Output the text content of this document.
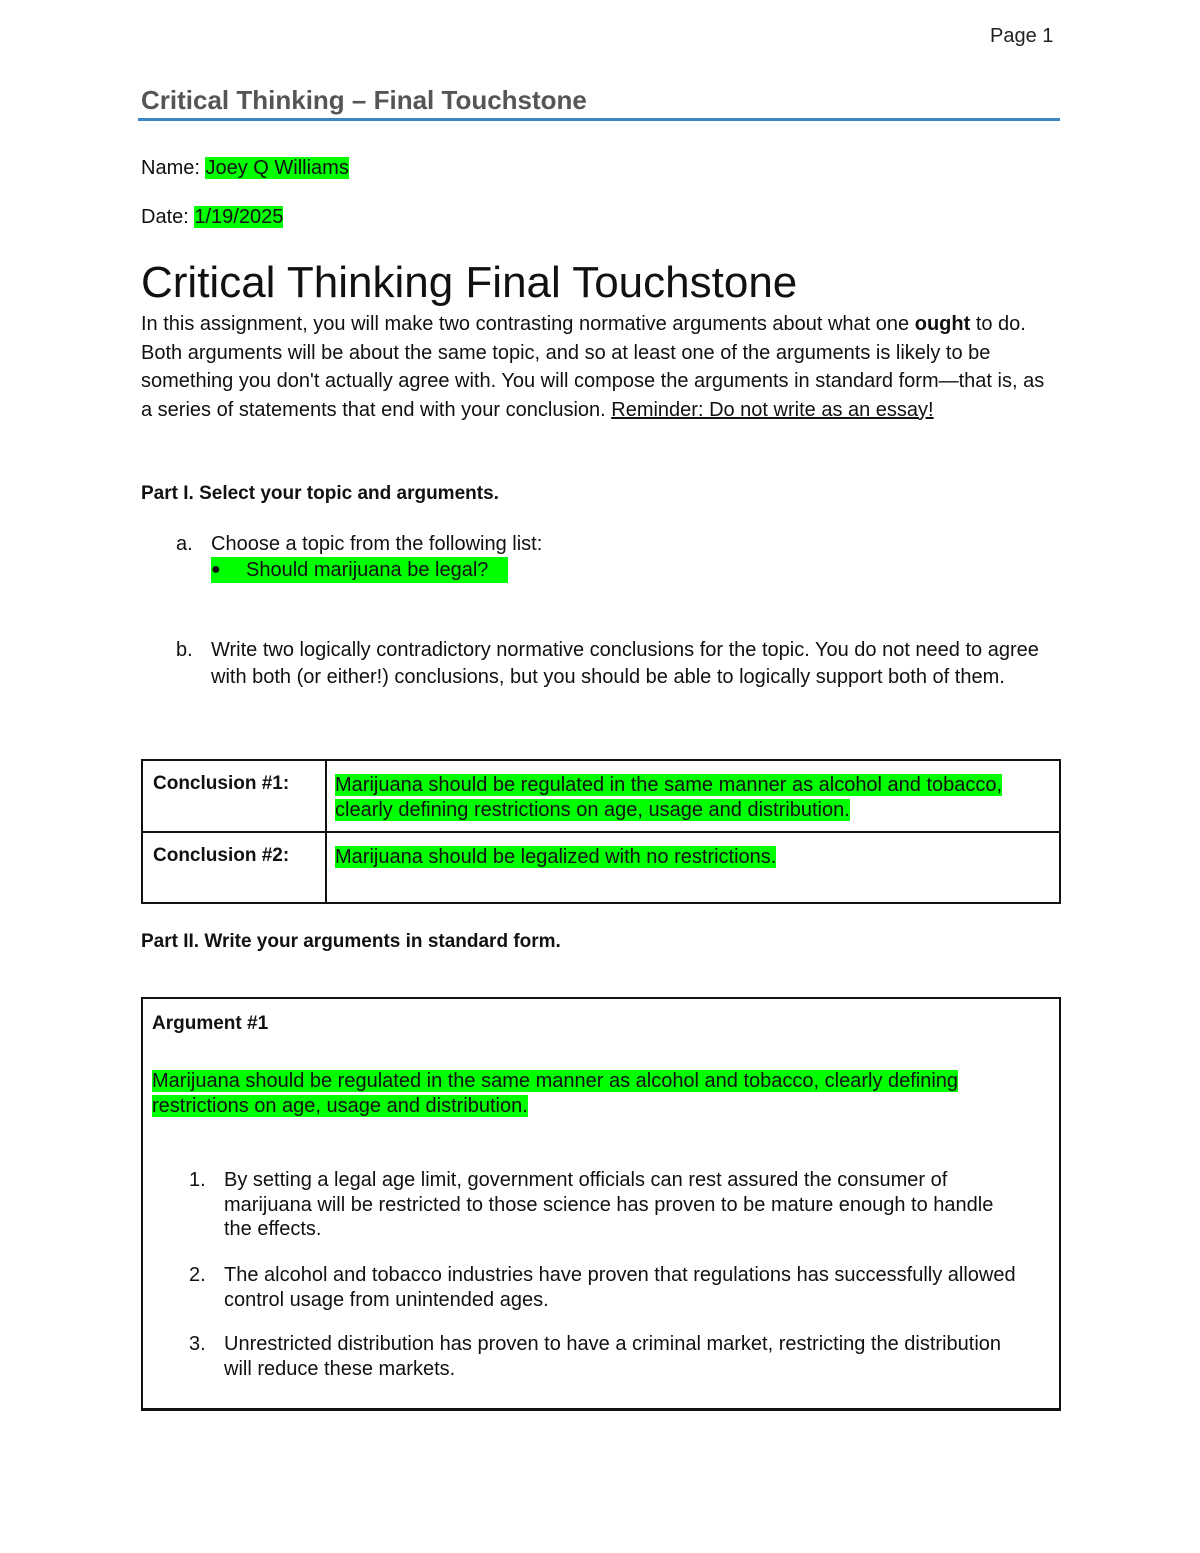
Page 1
Critical Thinking – Final Touchstone
Name: Joey Q Williams
Date: 1/19/2025
Critical Thinking Final Touchstone
In this assignment, you will make two contrasting normative arguments about what one ought to do. Both arguments will be about the same topic, and so at least one of the arguments is likely to be something you don't actually agree with. You will compose the arguments in standard form—that is, as a series of statements that end with your conclusion. Reminder: Do not write as an essay!
Part I. Select your topic and arguments.
a. Choose a topic from the following list:
● Should marijuana be legal?
b. Write two logically contradictory normative conclusions for the topic. You do not need to agree with both (or either!) conclusions, but you should be able to logically support both of them.
Conclusion #1: Marijuana should be regulated in the same manner as alcohol and tobacco, clearly defining restrictions on age, usage and distribution.
Conclusion #2: Marijuana should be legalized with no restrictions.
Part II. Write your arguments in standard form.
Argument #1
Marijuana should be regulated in the same manner as alcohol and tobacco, clearly defining restrictions on age, usage and distribution.
1. By setting a legal age limit, government officials can rest assured the consumer of marijuana will be restricted to those science has proven to be mature enough to handle the effects.
2. The alcohol and tobacco industries have proven that regulations has successfully allowed control usage from unintended ages.
3. Unrestricted distribution has proven to have a criminal market, restricting the distribution will reduce these markets.
